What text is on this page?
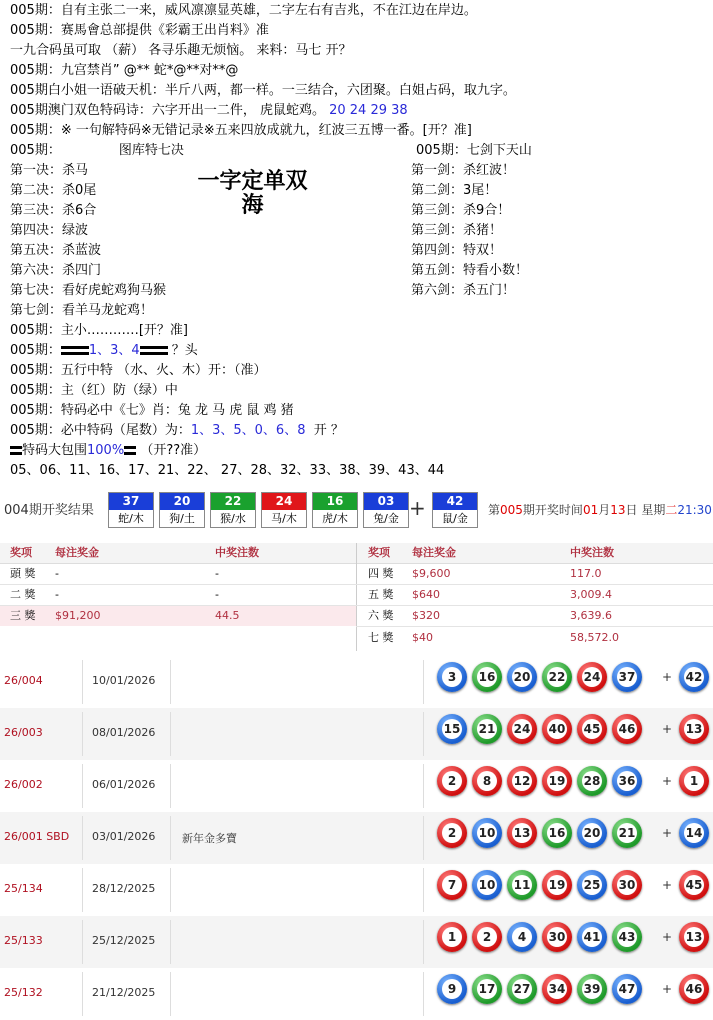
005期：自有主张二一来，威风凛凛显英雄，二字左右有吉兆，不在江边在岸边。
005期：赛馬會总部提供《彩霸王出肖料》准
一九合码虽可取 （薪） 各寻乐趣无烦恼。 来料：马七 开？
005期：九宫禁肖” @** 蛇*@**对**@
005期白小姐一语破天机：半斤八两，都一样。一三结合，六团聚。白姐占码，取九字。
005期澳门双色特码诗：六字开出一二件， 虎鼠蛇鸡。 20 24 29 38
005期：※ 一句解特码※无错记录※五来四放成就九，红波三五博一番。[开？准]
005期：	图库特七决	005期：七剑下天山
一字定单双
海
第一决：杀马
第二决：杀0尾
第三决：杀6合
第四决：绿波
第五决：杀蓝波
第六决：杀四门
第七决：看好虎蛇鸡狗马猴
第七剑：看羊马龙蛇鸡！
第一剑：杀红波！
第二剑：3尾！
第三剑：杀9合！
第三剑：杀猪！
第四剑：特双！
第五剑：特看小数！
第六剑：杀五门！
005期：主小…………[开？准]
005期： 1、3、4 ？头
005期：五行中特 （水、火、木）开：（准）
005期：主（红）防（绿）中
005期：特码必中《七》肖：兔 龙 马 虎 鼠 鸡 猪
005期：必中特码（尾数）为：1、3、5、0、6、8 开 ？
特码大包围100% （开??准）
05、06、11、16、17、21、22、 27、28、32、33、38、39、43、44
004期开奖结果
37
蛇/木
20
狗/土
22
猴/水
24
马/木
16
虎/木
03
兔/金
42
鼠/金
+	第005期开奖时间01月13日 星期二21:30
奖项 每注奖金	中奖注数	奖项 每注奖金	中奖注数
頭 獎 -	-
二 獎 -	-
三 獎 $91,200	44.5
四 獎 $9,600	117.0
五 獎 $640	3,009.4
六 獎 $320	3,639.6
七 獎 $40	58,572.0
26/004	10/01/2026	3	16 20 22 24 37 + 42
26/003	08/01/2026	15 21 24 40 45 46 + 13
26/002	06/01/2026	2	8	12 19 28 36 +	1
26/001 SBD 03/01/2026 新年金多寶	2	10 13 16 20 21 + 14
25/134	28/12/2025	7	10 11 19 25 30 + 45
25/133	25/12/2025	1	2	4	30 41 43 + 13
25/132	21/12/2025	9	17 27 34 39 47 + 46
